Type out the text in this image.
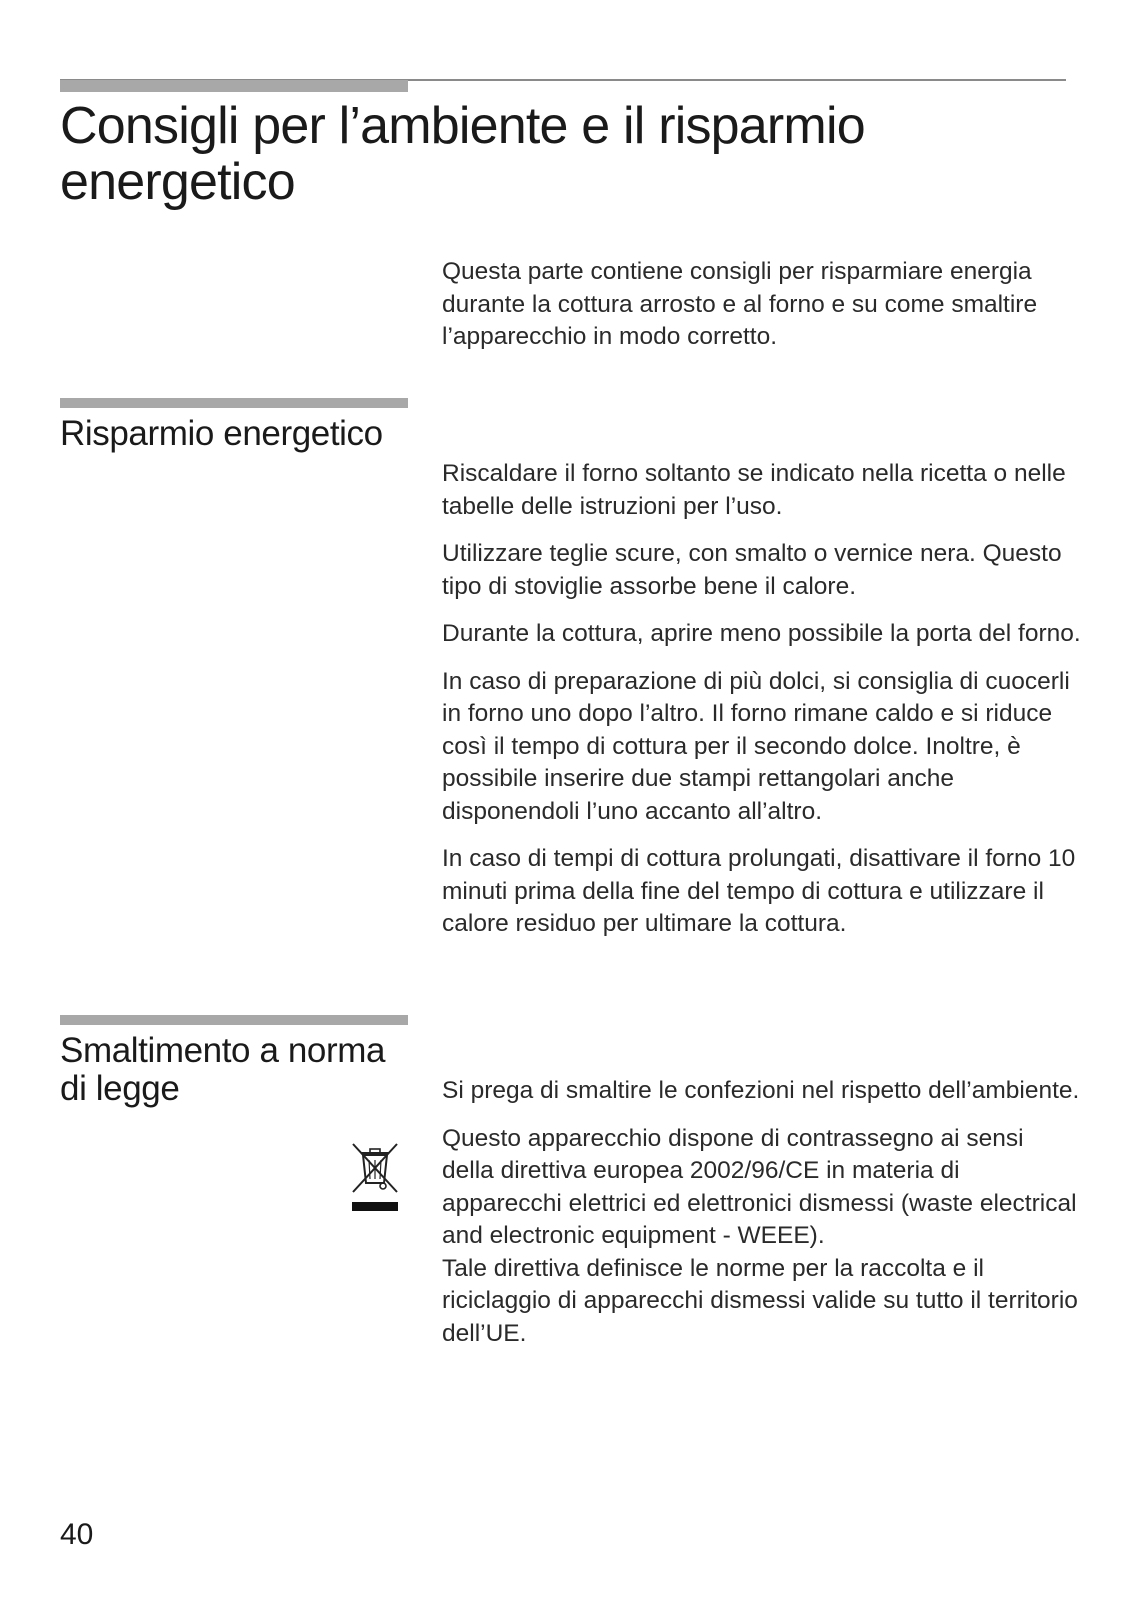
Consigli per l’ambiente e il risparmio energetico

Questa parte contiene consigli per risparmiare energia durante la cottura arrosto e al forno e su come smaltire l’apparecchio in modo corretto.

Risparmio energetico

Riscaldare il forno soltanto se indicato nella ricetta o nelle tabelle delle istruzioni per l’uso.

Utilizzare teglie scure, con smalto o vernice nera. Questo tipo di stoviglie assorbe bene il calore.

Durante la cottura, aprire meno possibile la porta del forno.

In caso di preparazione di più dolci, si consiglia di cuocerli in forno uno dopo l’altro. Il forno rimane caldo e si riduce così il tempo di cottura per il secondo dolce. Inoltre, è possibile inserire due stampi rettangolari anche disponendoli l’uno accanto all’altro.

In caso di tempi di cottura prolungati, disattivare il forno 10 minuti prima della fine del tempo di cottura e utilizzare il calore residuo per ultimare la cottura.

Smaltimento a norma di legge	Si prega di smaltire le confezioni nel rispetto dell’ambiente.

Questo apparecchio dispone di contrassegno ai sensi della direttiva europea 2002/96/CE in materia di apparecchi elettrici ed elettronici dismessi (waste electrical and electronic equipment - WEEE).

Tale direttiva definisce le norme per la raccolta e il riciclaggio di apparecchi dismessi valide su tutto il territorio dell’UE.

40
